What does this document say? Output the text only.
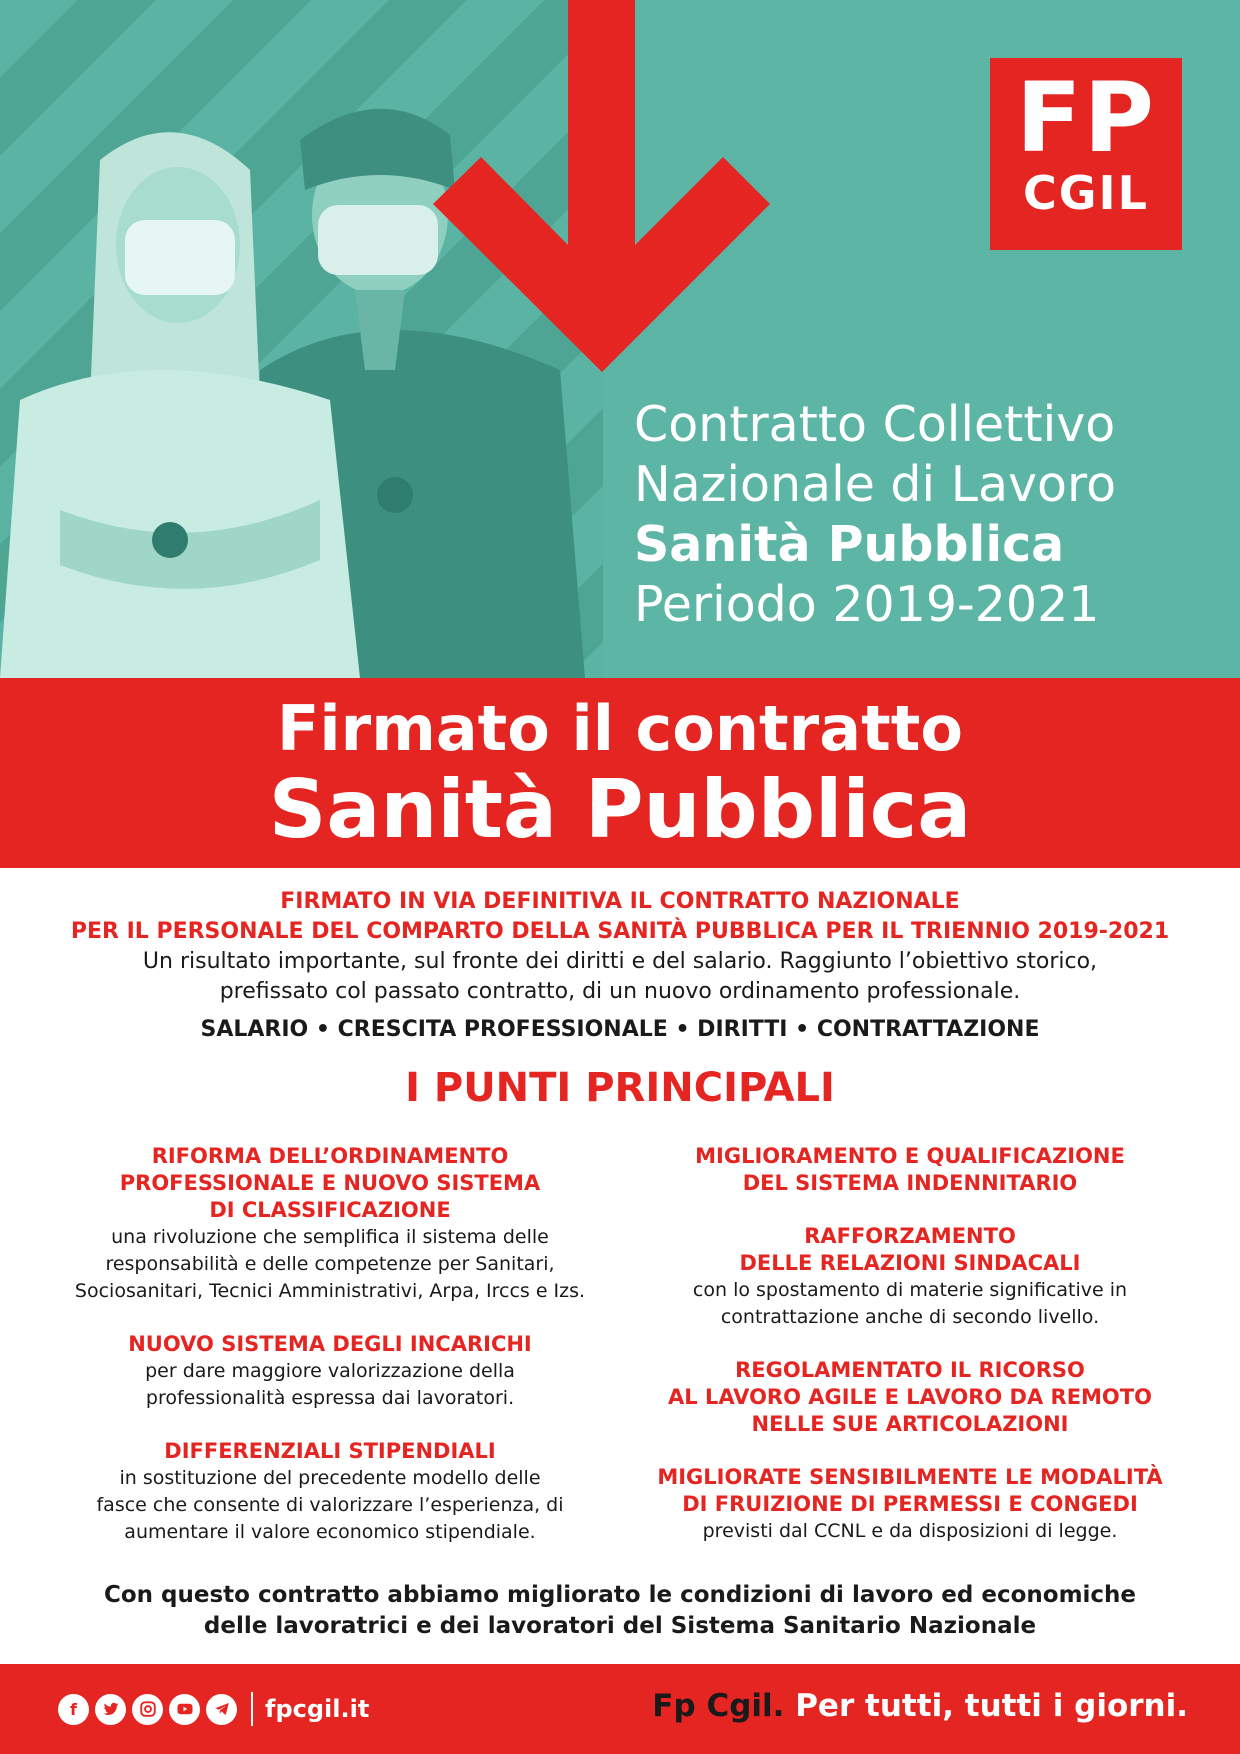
FP
CGIL
Contratto Collettivo
Nazionale di Lavoro
Sanità Pubblica
Periodo 2019-2021
Firmato il contratto
Sanità Pubblica
FIRMATO IN VIA DEFINITIVA IL CONTRATTO NAZIONALE
PER IL PERSONALE DEL COMPARTO DELLA SANITÀ PUBBLICA PER IL TRIENNIO 2019-2021
Un risultato importante, sul fronte dei diritti e del salario. Raggiunto l’obiettivo storico,
prefissato col passato contratto, di un nuovo ordinamento professionale.
SALARIO • CRESCITA PROFESSIONALE • DIRITTI • CONTRATTAZIONE
I PUNTI PRINCIPALI
RIFORMA DELL’ORDINAMENTO
PROFESSIONALE E NUOVO SISTEMA
DI CLASSIFICAZIONE
una rivoluzione che semplifica il sistema delle
responsabilità e delle competenze per Sanitari,
Sociosanitari, Tecnici Amministrativi, Arpa, Irccs e Izs.
NUOVO SISTEMA DEGLI INCARICHI
per dare maggiore valorizzazione della
professionalità espressa dai lavoratori.
DIFFERENZIALI STIPENDIALI
in sostituzione del precedente modello delle
fasce che consente di valorizzare l’esperienza, di
aumentare il valore economico stipendiale.
MIGLIORAMENTO E QUALIFICAZIONE
DEL SISTEMA INDENNITARIO
RAFFORZAMENTO
DELLE RELAZIONI SINDACALI
con lo spostamento di materie significative in
contrattazione anche di secondo livello.
REGOLAMENTATO IL RICORSO
AL LAVORO AGILE E LAVORO DA REMOTO
NELLE SUE ARTICOLAZIONI
MIGLIORATE SENSIBILMENTE LE MODALITÀ
DI FRUIZIONE DI PERMESSI E CONGEDI
previsti dal CCNL e da disposizioni di legge.
Con questo contratto abbiamo migliorato le condizioni di lavoro ed economiche
delle lavoratrici e dei lavoratori del Sistema Sanitario Nazionale
f	fpcgil.it	Fp Cgil. Per tutti, tutti i giorni.
